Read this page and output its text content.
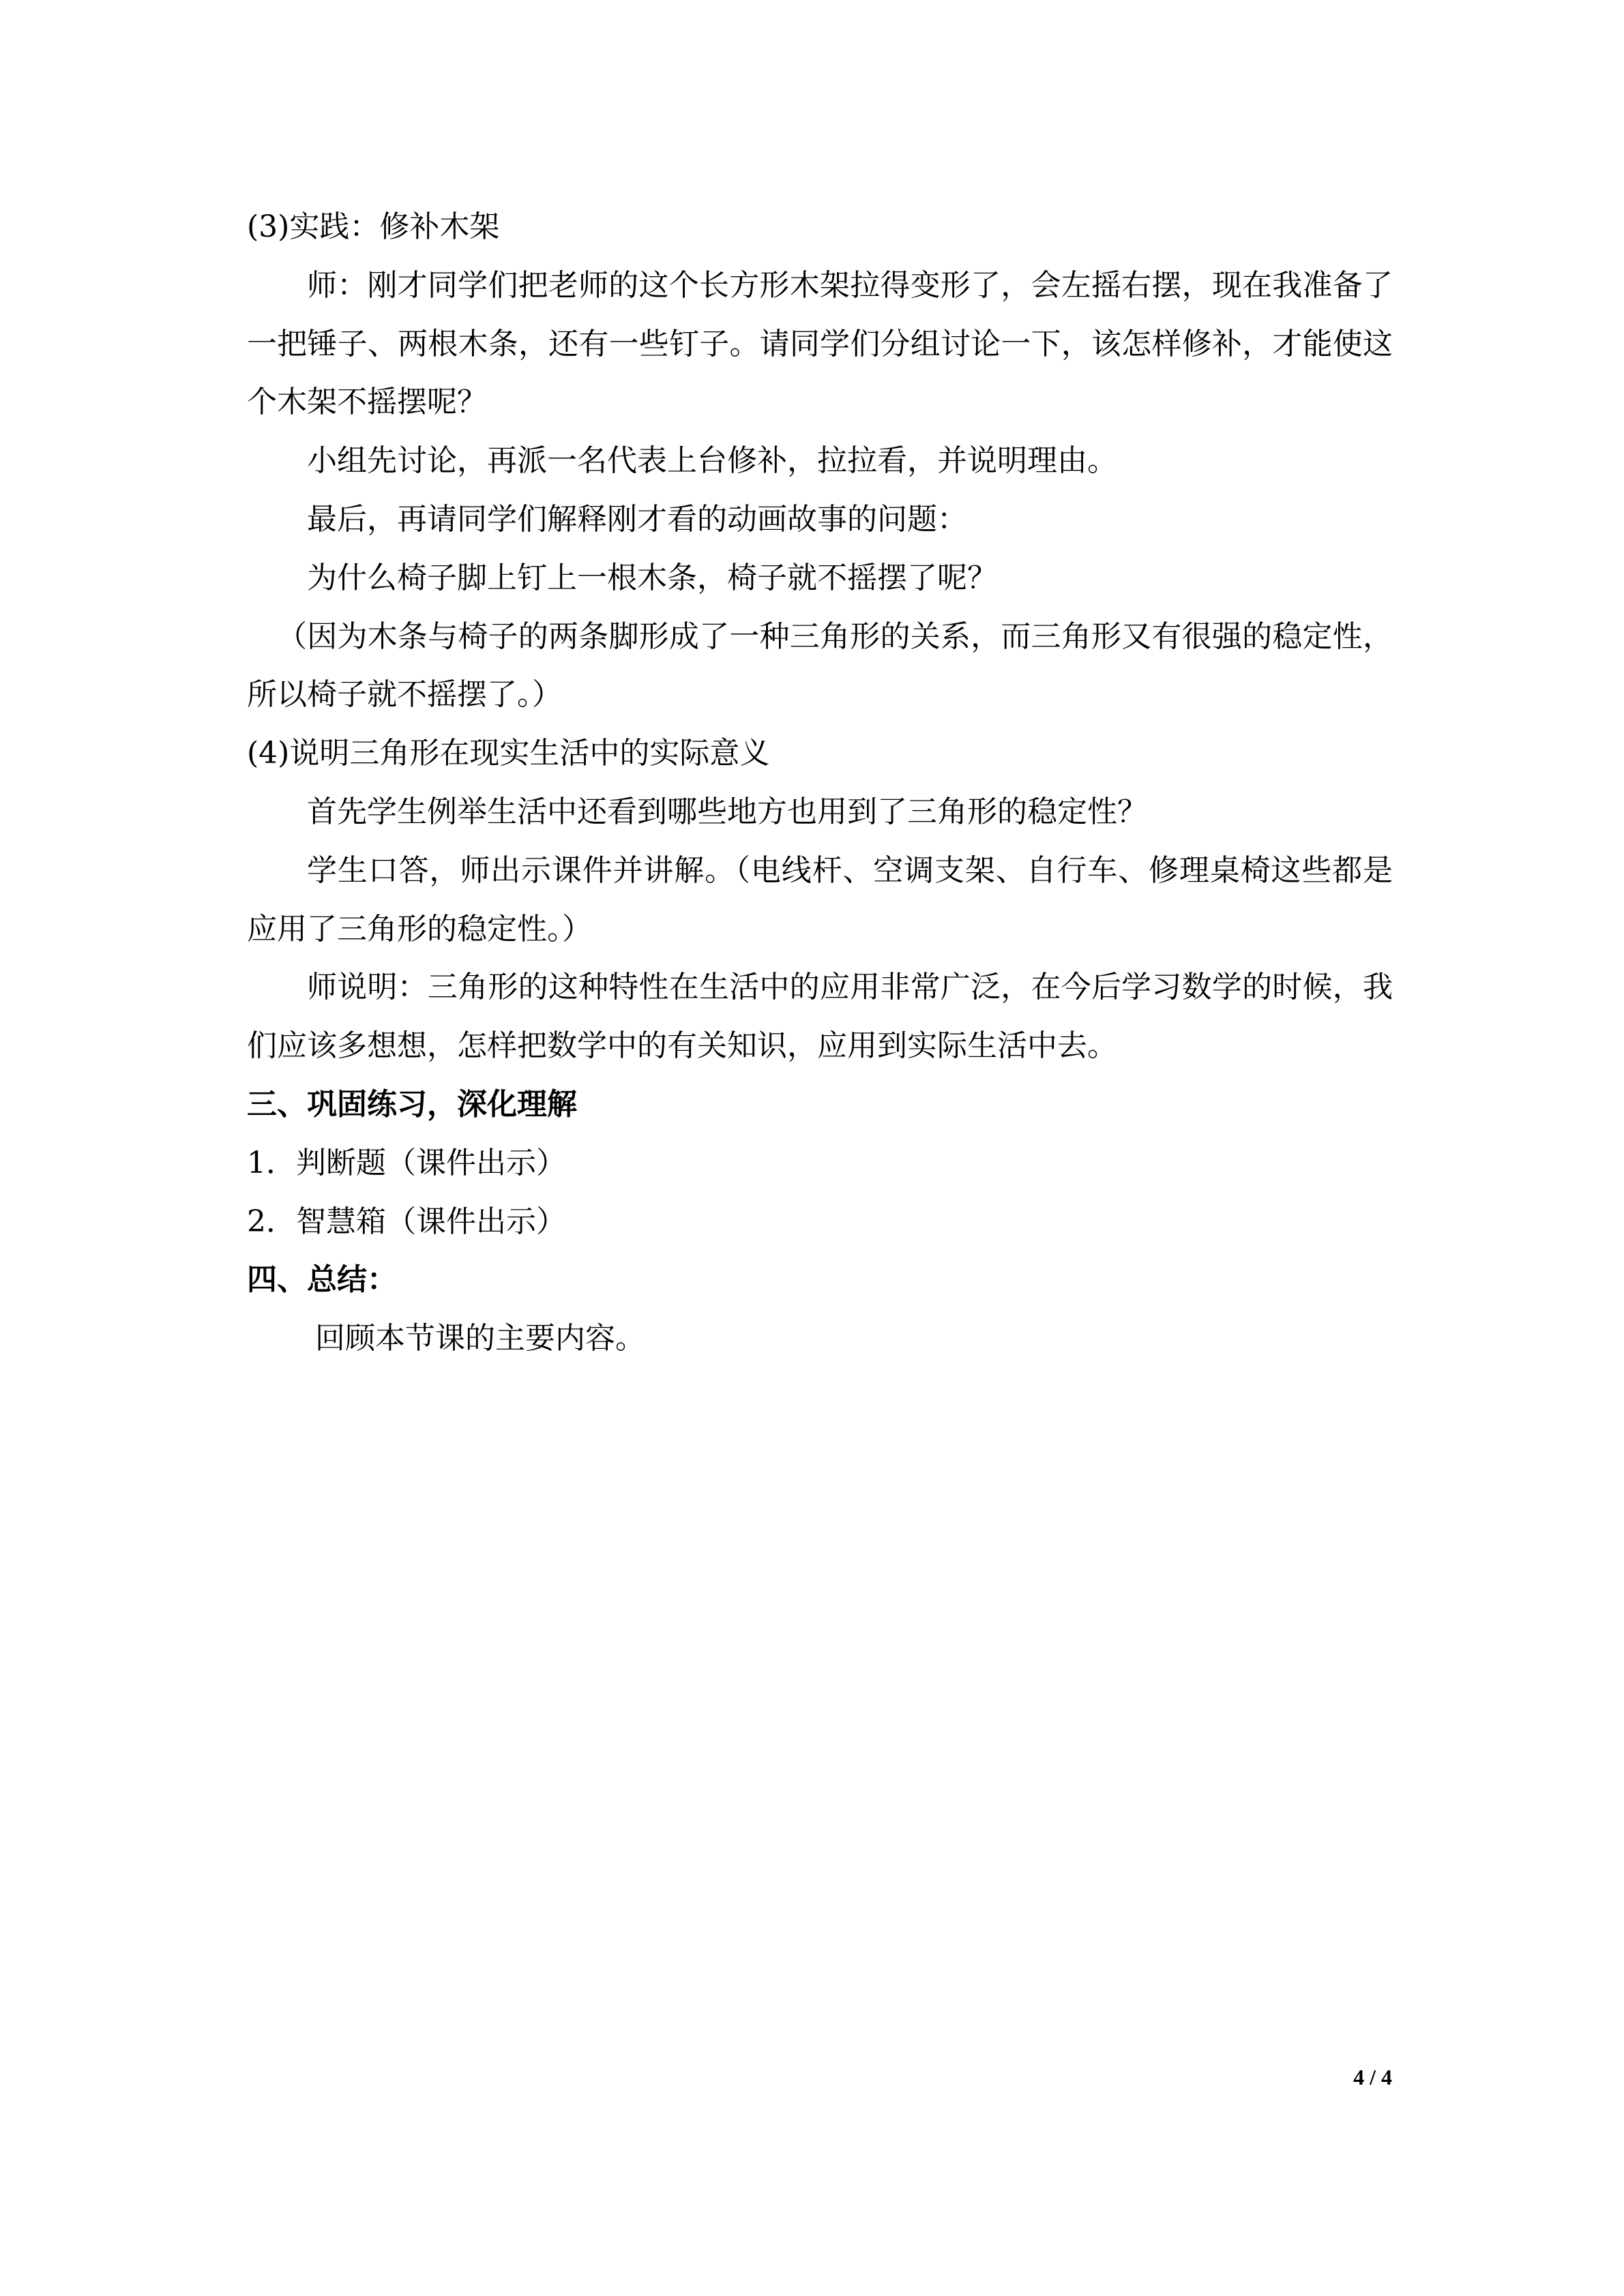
(3)实践：修补木架

师：刚才同学们把老师的这个长方形木架拉得变形了，会左摇右摆，现在我准备了一把锤子、两根木条，还有一些钉子。请同学们分组讨论一下，该怎样修补，才能使这个木架不摇摆呢？

小组先讨论，再派一名代表上台修补，拉拉看，并说明理由。

最后，再请同学们解释刚才看的动画故事的问题：

为什么椅子脚上钉上一根木条，椅子就不摇摆了呢？

（因为木条与椅子的两条脚形成了一种三角形的关系，而三角形又有很强的稳定性，所以椅子就不摇摆了。）

(4)说明三角形在现实生活中的实际意义

首先学生例举生活中还看到哪些地方也用到了三角形的稳定性？

学生口答，师出示课件并讲解。（电线杆、空调支架、自行车、修理桌椅这些都是应用了三角形的稳定性。）

师说明：三角形的这种特性在生活中的应用非常广泛，在今后学习数学的时候，我们应该多想想，怎样把数学中的有关知识，应用到实际生活中去。

三、巩固练习，深化理解

1．判断题（课件出示）

2．智慧箱（课件出示）

四、总结：

回顾本节课的主要内容。

4 / 4
